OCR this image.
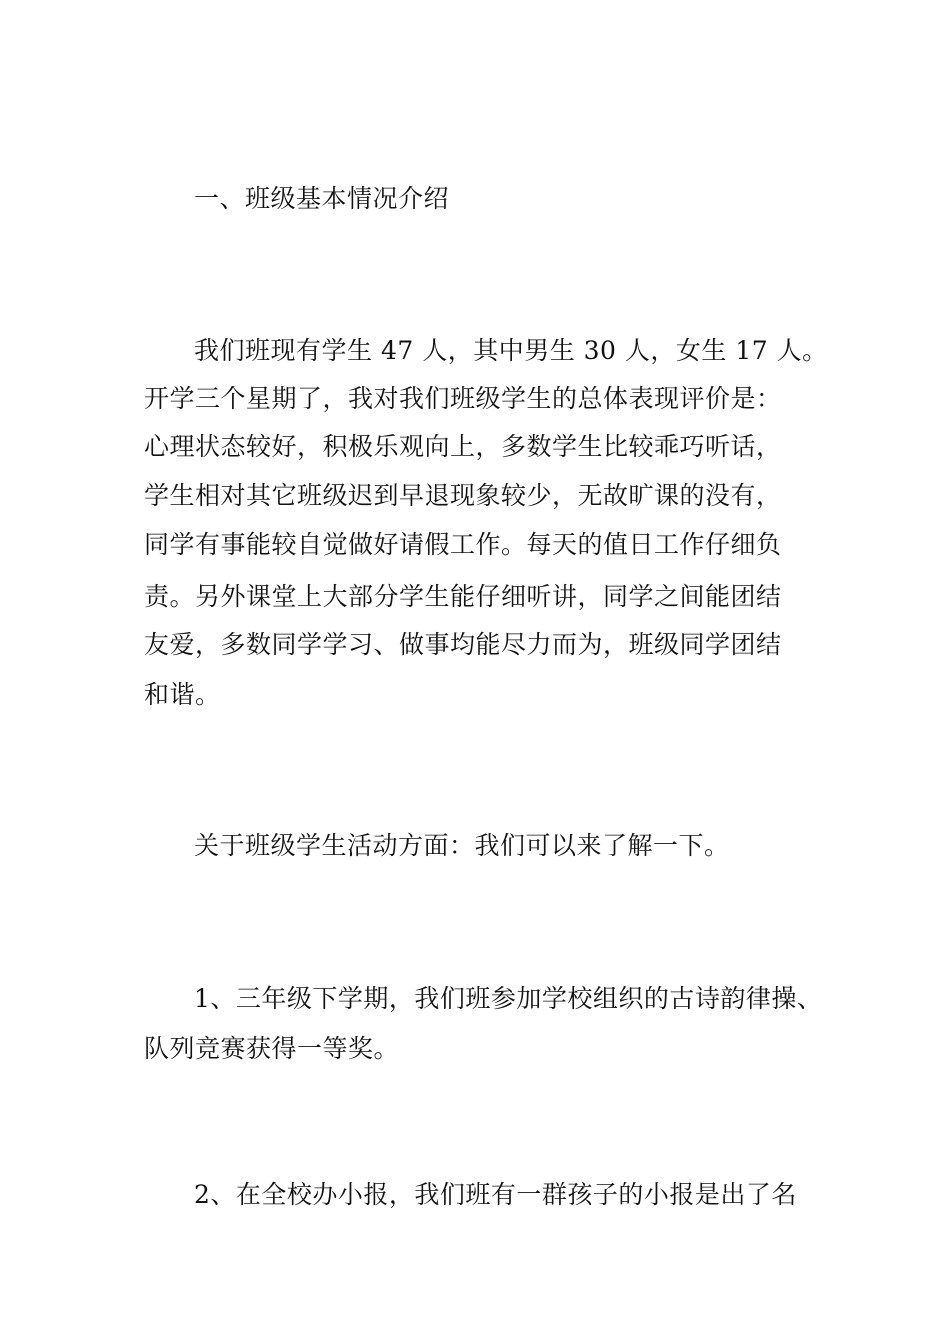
一、班级基本情况介绍
我们班现有学生 47 人，其中男生 30 人，女生 17 人。
开学三个星期了，我对我们班级学生的总体表现评价是：
心理状态较好，积极乐观向上，多数学生比较乖巧听话，
学生相对其它班级迟到早退现象较少，无故旷课的没有，
同学有事能较自觉做好请假工作。每天的值日工作仔细负
责。另外课堂上大部分学生能仔细听讲，同学之间能团结
友爱，多数同学学习、做事均能尽力而为，班级同学团结
和谐。
关于班级学生活动方面：我们可以来了解一下。
1、三年级下学期，我们班参加学校组织的古诗韵律操、
队列竞赛获得一等奖。
2、在全校办小报，我们班有一群孩子的小报是出了名
